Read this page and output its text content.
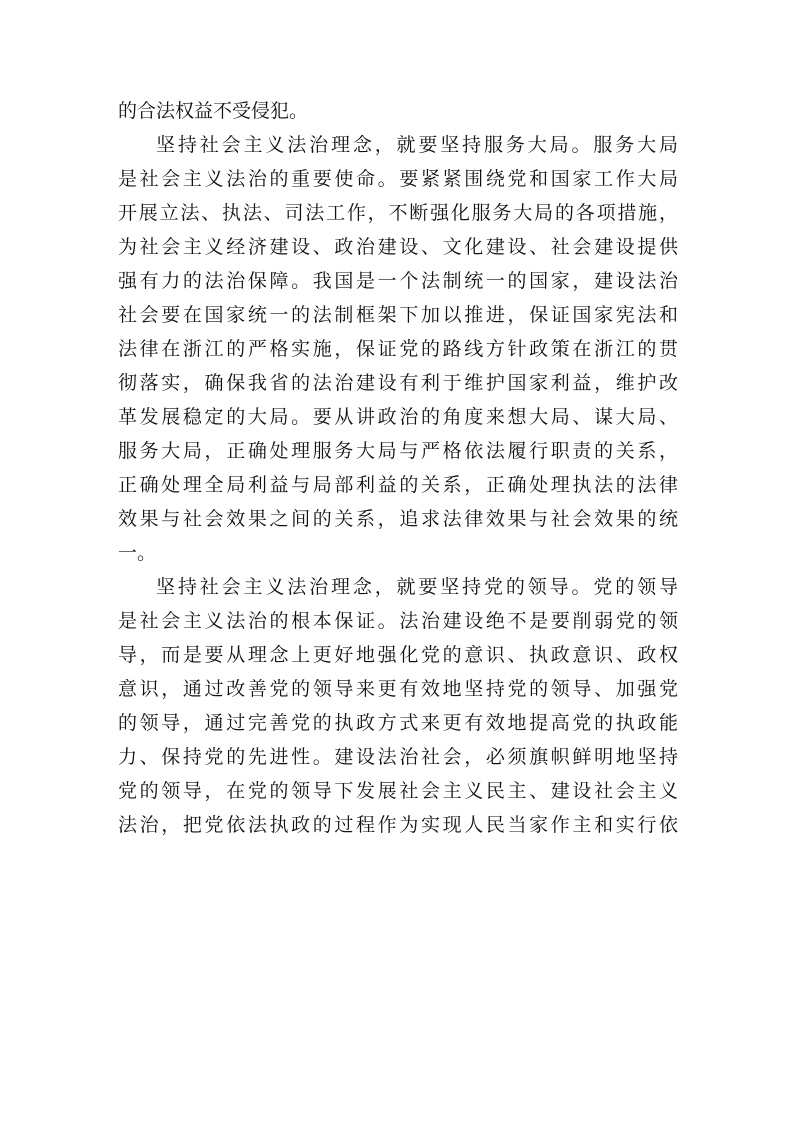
的合法权益不受侵犯。
坚持社会主义法治理念，就要坚持服务大局。服务大局
是社会主义法治的重要使命。要紧紧围绕党和国家工作大局
开展立法、执法、司法工作，不断强化服务大局的各项措施，
为社会主义经济建设、政治建设、文化建设、社会建设提供
强有力的法治保障。我国是一个法制统一的国家，建设法治
社会要在国家统一的法制框架下加以推进，保证国家宪法和
法律在浙江的严格实施，保证党的路线方针政策在浙江的贯
彻落实，确保我省的法治建设有利于维护国家利益，维护改
革发展稳定的大局。要从讲政治的角度来想大局、谋大局、
服务大局，正确处理服务大局与严格依法履行职责的关系，
正确处理全局利益与局部利益的关系，正确处理执法的法律
效果与社会效果之间的关系，追求法律效果与社会效果的统
一。
坚持社会主义法治理念，就要坚持党的领导。党的领导
是社会主义法治的根本保证。法治建设绝不是要削弱党的领
导，而是要从理念上更好地强化党的意识、执政意识、政权
意识，通过改善党的领导来更有效地坚持党的领导、加强党
的领导，通过完善党的执政方式来更有效地提高党的执政能
力、保持党的先进性。建设法治社会，必须旗帜鲜明地坚持
党的领导，在党的领导下发展社会主义民主、建设社会主义
法治，把党依法执政的过程作为实现人民当家作主和实行依
